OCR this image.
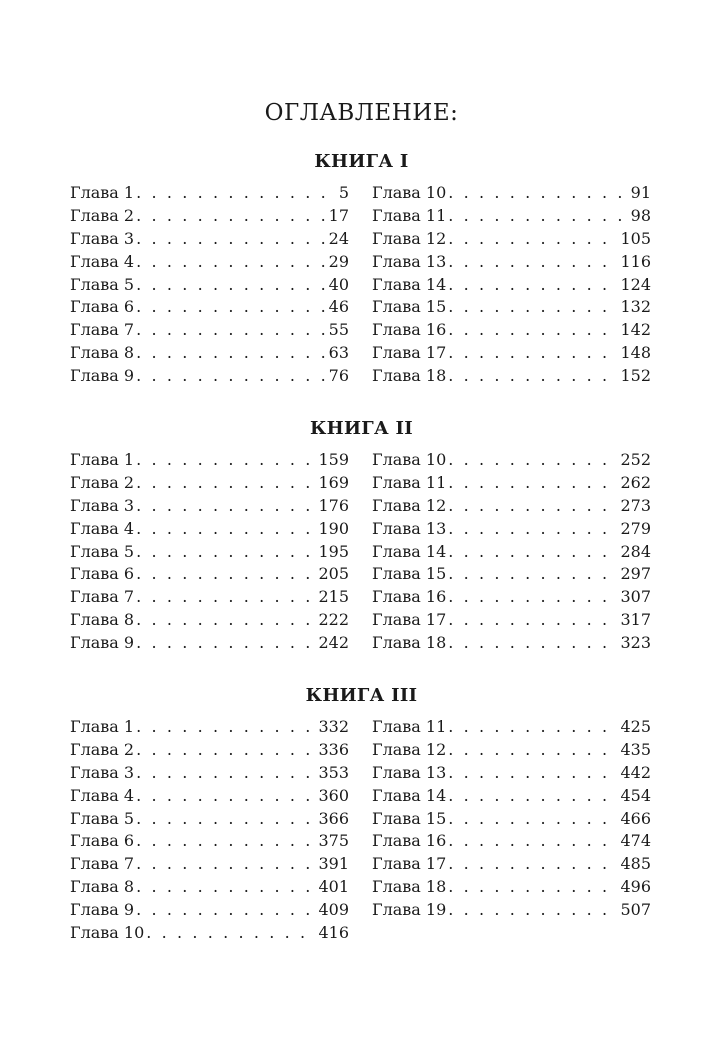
ОГЛАВЛЕНИЕ:
КНИГА I
Глава 1 . . .	5
Глава 2 . . .	17
Глава 3 . . .	24
Глава 4 . . .	29
Глава 5 . . .	40
Глава 6 . . .	46
Глава 7 . . .	55
Глава 8 . . .	63
Глава 9 . . .	76
Глава 10 . . .	91
Глава 11 . . .	98
Глава 12 . . .	105
Глава 13 . . .	116
Глава 14 . . .	124
Глава 15 . . .	132
Глава 16 . . .	142
Глава 17 . . .	148
Глава 18 . . .	152
КНИГА II
Глава 1 . . .	159
Глава 2 . . .	169
Глава 3 . . .	176
Глава 4 . . .	190
Глава 5 . . .	195
Глава 6 . . .	205
Глава 7 . . .	215
Глава 8 . . .	222
Глава 9 . . .	242
Глава 10 . . .	252
Глава 11 . . .	262
Глава 12 . . .	273
Глава 13 . . .	279
Глава 14 . . .	284
Глава 15 . . .	297
Глава 16 . . .	307
Глава 17 . . .	317
Глава 18 . . .	323
КНИГА III
Глава 1 . . .	332
Глава 2 . . .	336
Глава 3 . . .	353
Глава 4 . . .	360
Глава 5 . . .	366
Глава 6 . . .	375
Глава 7 . . .	391
Глава 8 . . .	401
Глава 9 . . .	409
Глава 10 . . .	416
Глава 11 . . .	425
Глава 12 . . .	435
Глава 13 . . .	442
Глава 14 . . .	454
Глава 15 . . .	466
Глава 16 . . .	474
Глава 17 . . .	485
Глава 18 . . .	496
Глава 19 . . .	507
